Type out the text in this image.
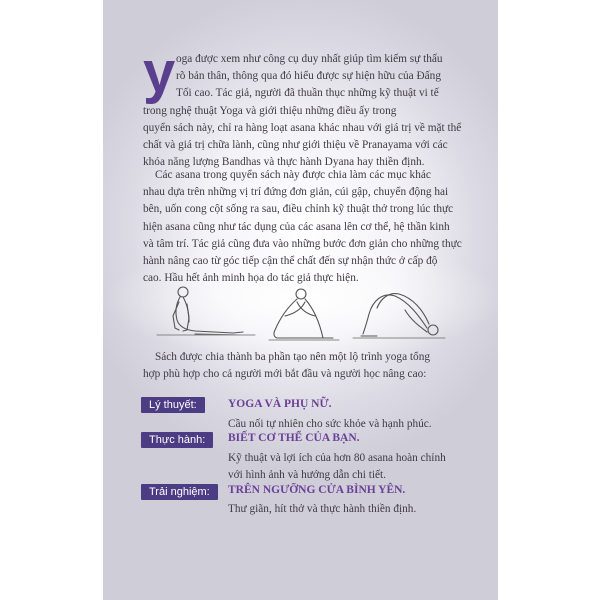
y oga được xem như công cụ duy nhất giúp tìm kiếm sự thấu
rõ bản thân, thông qua đó hiểu được sự hiện hữu của Đấng
Tối cao. Tác giả, người đã thuần thục những kỹ thuật vi tế
trong nghệ thuật Yoga và giới thiệu những điều ấy trong
quyển sách này, chỉ ra hàng loạt asana khác nhau với giá trị về mặt thể
chất và giá trị chữa lành, cũng như giới thiệu về Pranayama với các
khóa năng lượng Bandhas và thực hành Dyana hay thiền định.
Các asana trong quyển sách này được chia làm các mục khác
nhau dựa trên những vị trí đứng đơn giản, cúi gập, chuyển động hai
bên, uốn cong cột sống ra sau, điều chỉnh kỹ thuật thở trong lúc thực
hiện asana cũng như tác dụng của các asana lên cơ thể, hệ thần kinh
và tâm trí. Tác giả cũng đưa vào những bước đơn giản cho những thực
hành nâng cao từ góc tiếp cận thể chất đến sự nhận thức ở cấp độ
cao. Hầu hết ảnh minh họa do tác giả thực hiện.
Sách được chia thành ba phần tạo nên một lộ trình yoga tổng
hợp phù hợp cho cả người mới bắt đầu và người học nâng cao:
Lý thuyết:	YOGA VÀ PHỤ NỮ.
Cầu nối tự nhiên cho sức khỏe và hạnh phúc.
Thực hành:	BIẾT CƠ THỂ CỦA BẠN.
Kỹ thuật và lợi ích của hơn 80 asana hoàn chỉnh
với hình ảnh và hướng dẫn chi tiết.
Trải nghiệm:	TRÊN NGƯỠNG CỬA BÌNH YÊN.
Thư giãn, hít thở và thực hành thiền định.
